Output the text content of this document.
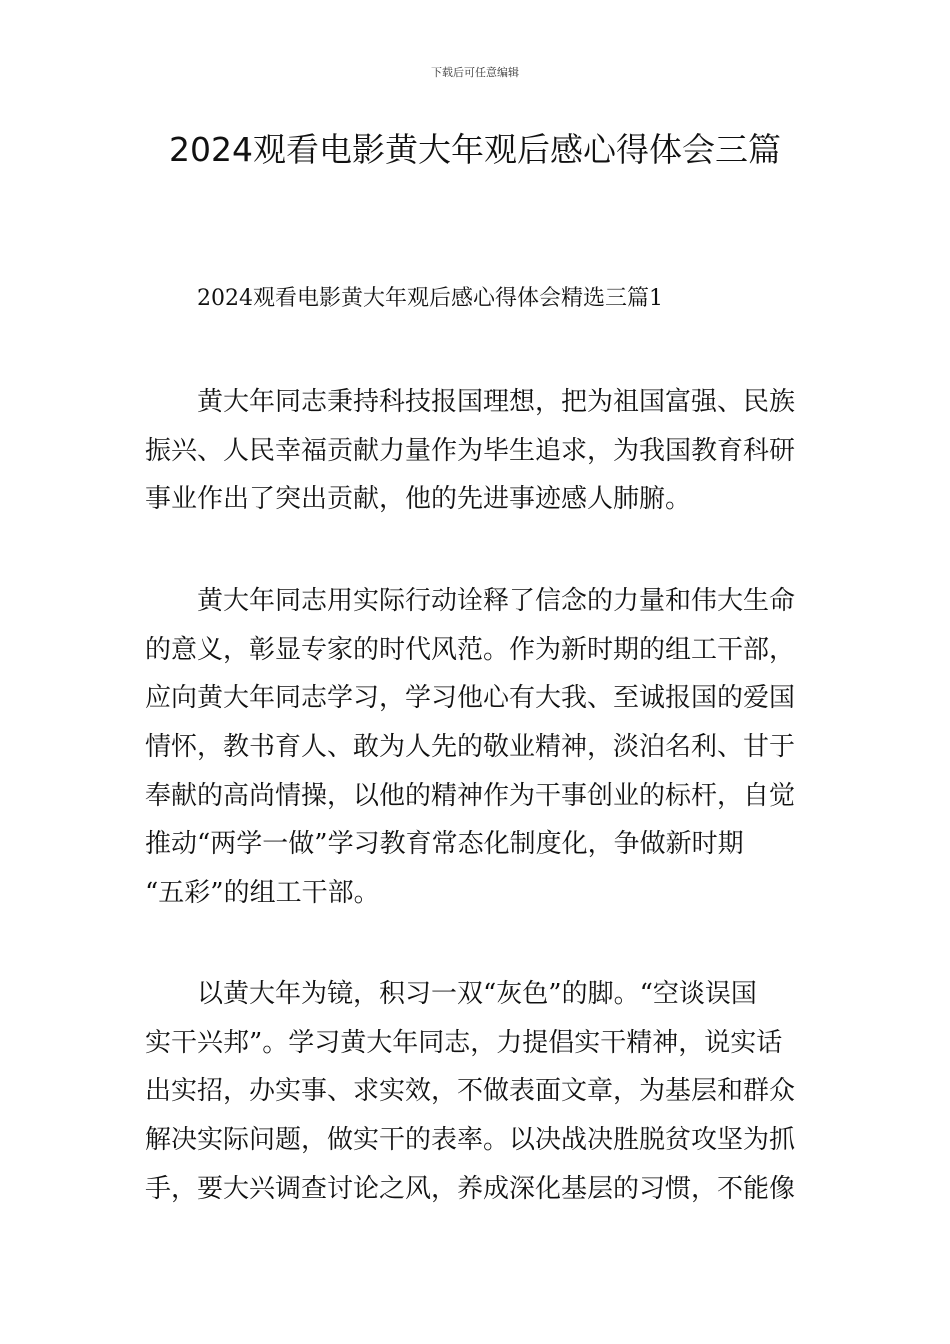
下载后可任意编辑
2024观看电影黄大年观后感心得体会三篇
2024观看电影黄大年观后感心得体会精选三篇1

　　黄大年同志秉持科技报国理想，把为祖国富强、民族
振兴、人民幸福贡献力量作为毕生追求，为我国教育科研
事业作出了突出贡献，他的先进事迹感人肺腑。

　　黄大年同志用实际行动诠释了信念的力量和伟大生命
的意义，彰显专家的时代风范。作为新时期的组工干部，
应向黄大年同志学习，学习他心有大我、至诚报国的爱国
情怀，教书育人、敢为人先的敬业精神，淡泊名利、甘于
奉献的高尚情操，以他的精神作为干事创业的标杆，自觉
推动“两学一做”学习教育常态化制度化，争做新时期
“五彩”的组工干部。

　　以黄大年为镜，积习一双“灰色”的脚。“空谈误国
实干兴邦”。学习黄大年同志，力提倡实干精神，说实话
出实招，办实事、求实效，不做表面文章，为基层和群众
解决实际问题，做实干的表率。以决战决胜脱贫攻坚为抓
手，要大兴调查讨论之风，养成深化基层的习惯，不能像
